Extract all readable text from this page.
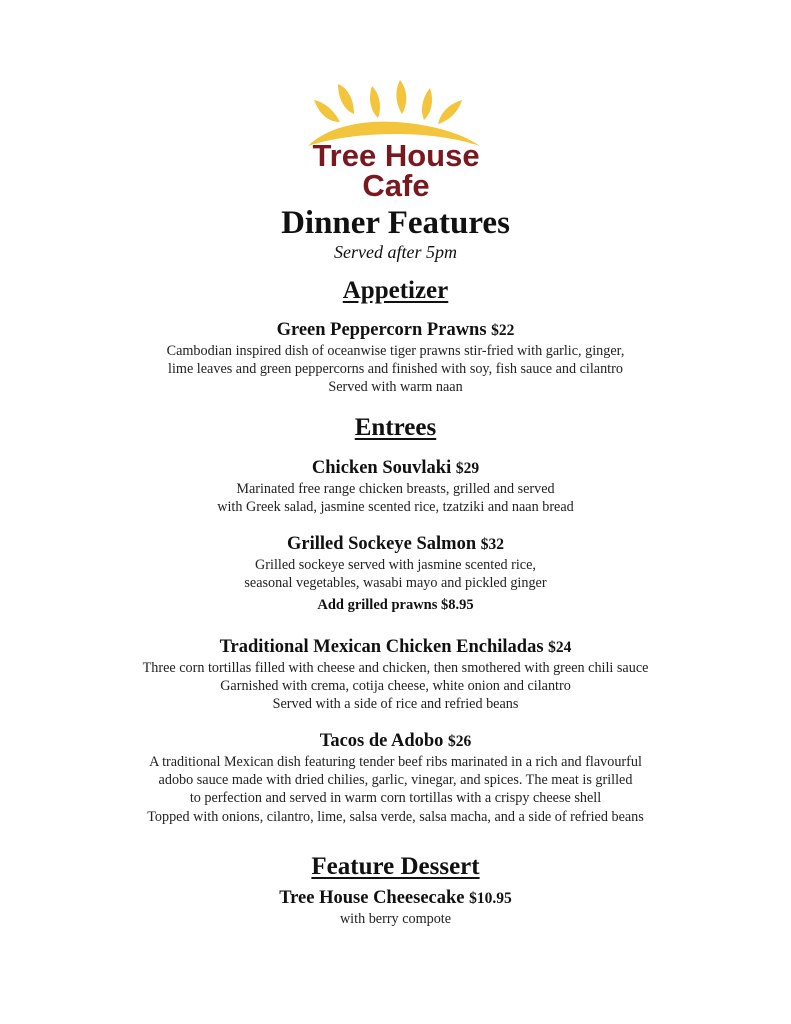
Tree House
Cafe
Dinner Features
Served after 5pm
Appetizer
Green Peppercorn Prawns $22
Cambodian inspired dish of oceanwise tiger prawns stir-fried with garlic, ginger,
lime leaves and green peppercorns and finished with soy, fish sauce and cilantro
Served with warm naan
Entrees
Chicken Souvlaki $29
Marinated free range chicken breasts, grilled and served
with Greek salad, jasmine scented rice, tzatziki and naan bread
Grilled Sockeye Salmon $32
Grilled sockeye served with jasmine scented rice,
seasonal vegetables, wasabi mayo and pickled ginger
Add grilled prawns $8.95
Traditional Mexican Chicken Enchiladas $24
Three corn tortillas filled with cheese and chicken, then smothered with green chili sauce
Garnished with crema, cotija cheese, white onion and cilantro
Served with a side of rice and refried beans
Tacos de Adobo $26
A traditional Mexican dish featuring tender beef ribs marinated in a rich and flavourful
adobo sauce made with dried chilies, garlic, vinegar, and spices. The meat is grilled
to perfection and served in warm corn tortillas with a crispy cheese shell
Topped with onions, cilantro, lime, salsa verde, salsa macha, and a side of refried beans
Feature Dessert
Tree House Cheesecake $10.95
with berry compote
